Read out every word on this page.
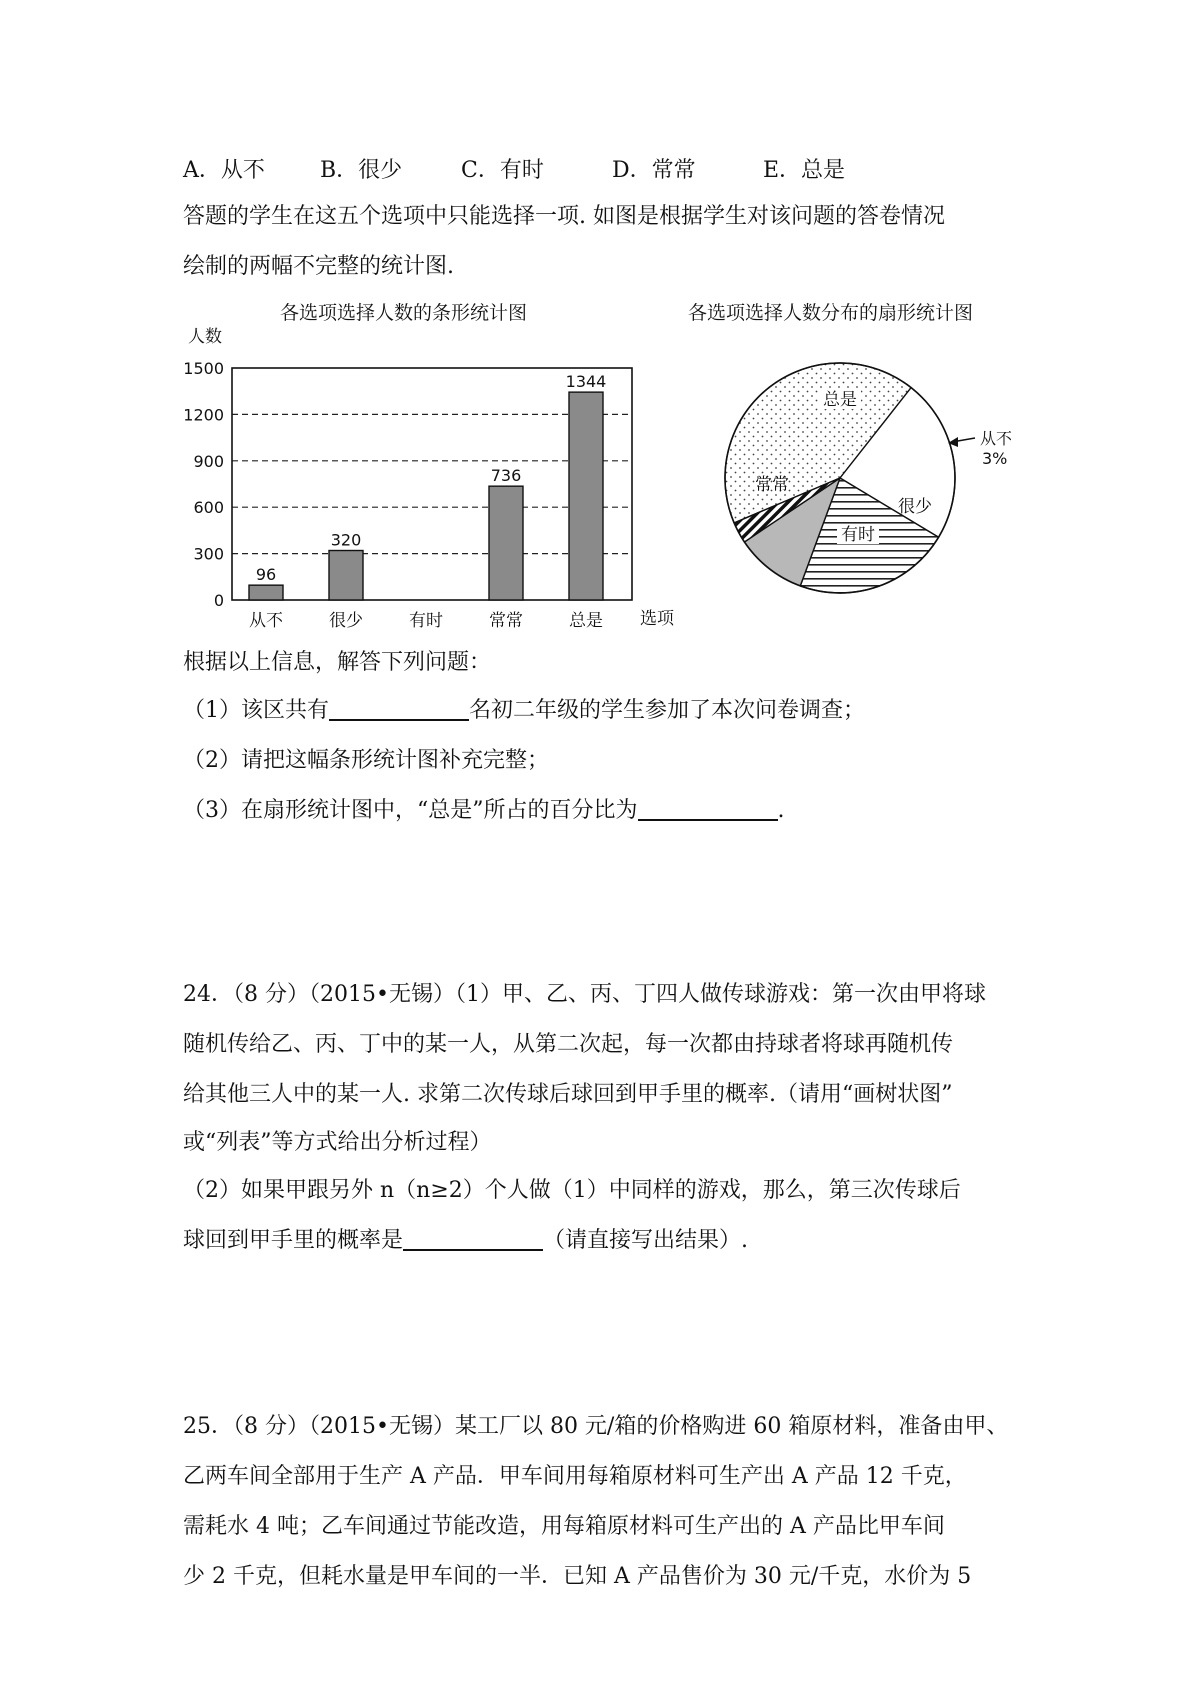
A．从不	B．很少	C．有时	D．常常	E．总是
答题的学生在这五个选项中只能选择一项. 如图是根据学生对该问题的答卷情况
绘制的两幅不完整的统计图.
各选项选择人数的条形统计图	各选项选择人数分布的扇形统计图
0
300
600
900
1200
1500
人数
选项
96
从不
320
很少	有时
736
常常
1344
总是
总是
常常
有时
很少
从不
3%
根据以上信息，解答下列问题：
（1）该区共有	名初二年级的学生参加了本次问卷调查；
（2）请把这幅条形统计图补充完整；
（3）在扇形统计图中，“总是”所占的百分比为	.
24．（8 分）（2015•无锡）（1）甲、乙、丙、丁四人做传球游戏：第一次由甲将球
随机传给乙、丙、丁中的某一人，从第二次起，每一次都由持球者将球再随机传
给其他三人中的某一人. 求第二次传球后球回到甲手里的概率.（请用“画树状图”
或“列表”等方式给出分析过程）
（2）如果甲跟另外 n（n≥2）个人做（1）中同样的游戏，那么，第三次传球后
球回到甲手里的概率是	（请直接写出结果）.
25．（8 分）（2015•无锡）某工厂以 80 元/箱的价格购进 60 箱原材料，准备由甲、
乙两车间全部用于生产 A 产品．甲车间用每箱原材料可生产出 A 产品 12 千克，
需耗水 4 吨；乙车间通过节能改造，用每箱原材料可生产出的 A 产品比甲车间
少 2 千克，但耗水量是甲车间的一半．已知 A 产品售价为 30 元/千克，水价为 5
